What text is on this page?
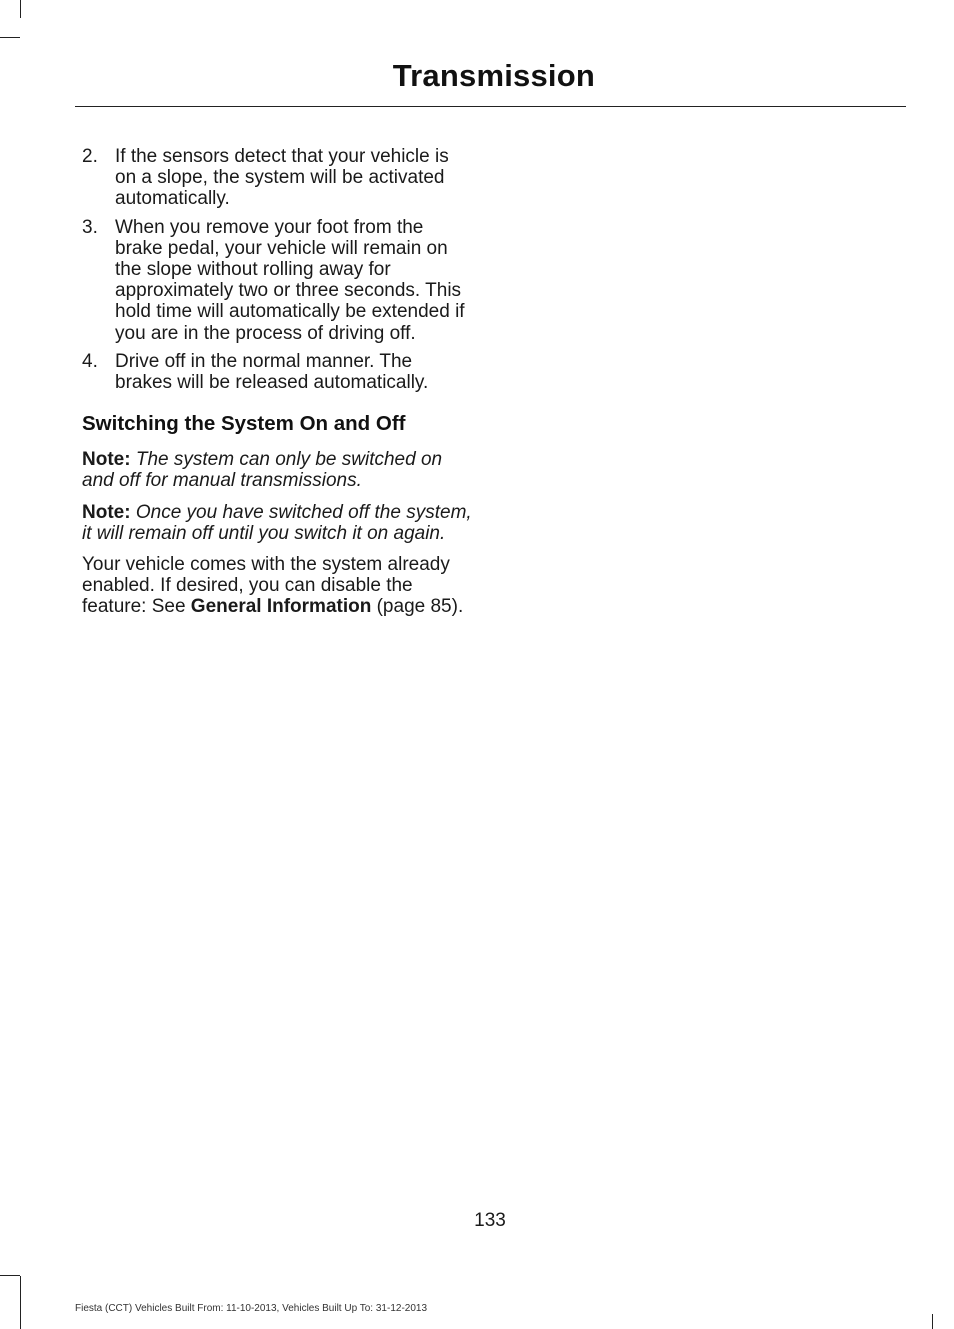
Transmission
2. If the sensors detect that your vehicle is on a slope, the system will be activated automatically.
3. When you remove your foot from the brake pedal, your vehicle will remain on the slope without rolling away for approximately two or three seconds. This hold time will automatically be extended if you are in the process of driving off.
4. Drive off in the normal manner. The brakes will be released automatically.
Switching the System On and Off

Note: The system can only be switched on and off for manual transmissions.

Note: Once you have switched off the system, it will remain off until you switch it on again.

Your vehicle comes with the system already enabled. If desired, you can disable the feature: See General Information (page 85).

133
Fiesta (CCT) Vehicles Built From: 11-10-2013, Vehicles Built Up To: 31-12-2013
